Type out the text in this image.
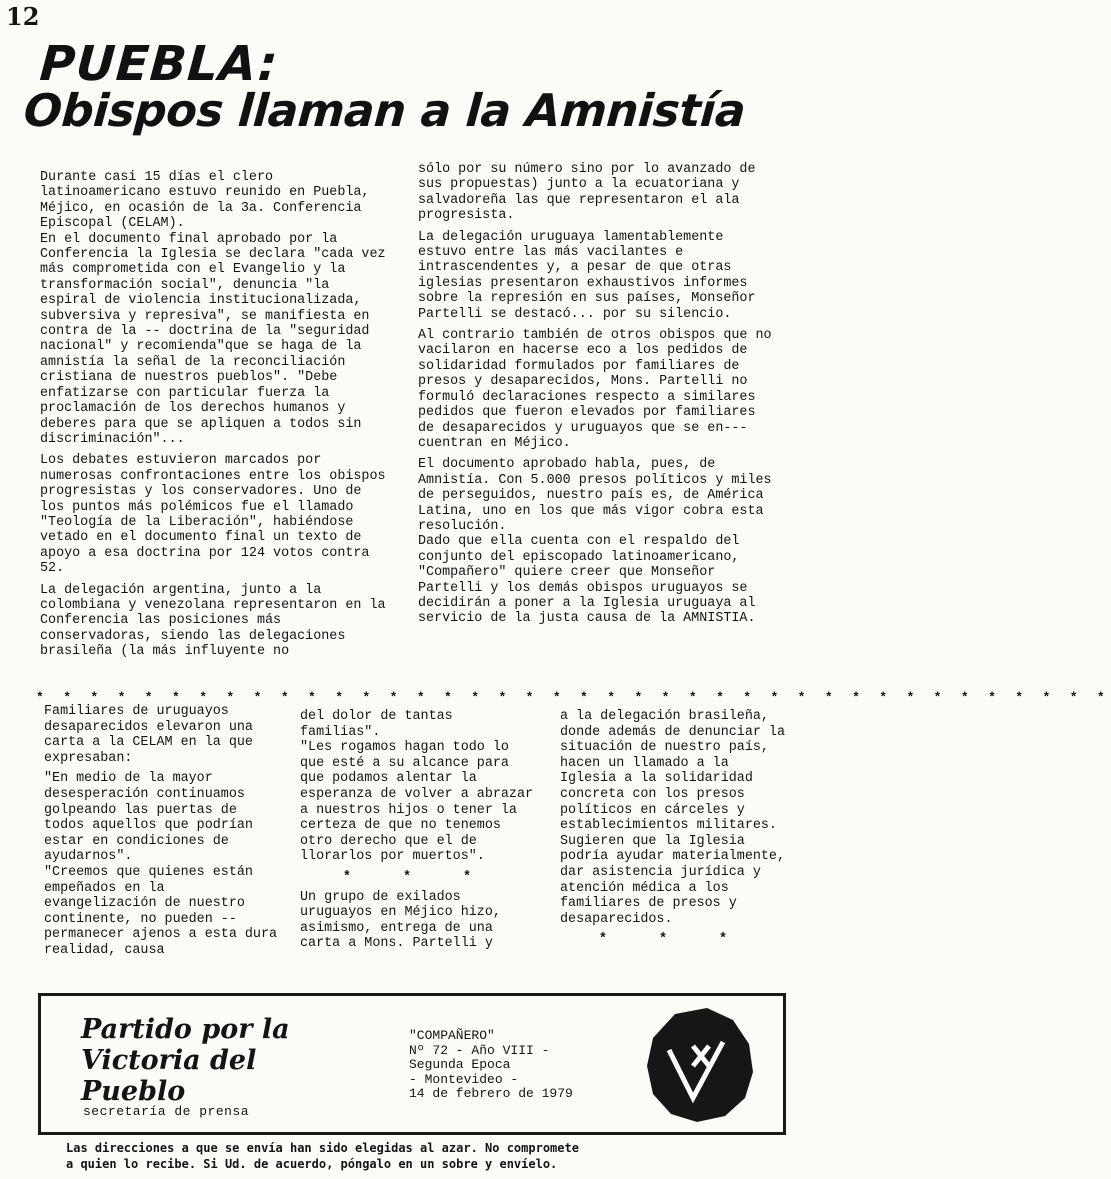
12
PUEBLA:
Obispos llaman a la Amnistía

Durante casi 15 días el clero latinoamericano estuvo reunido en Puebla, Méjico, en ocasión de la 3a. Conferencia Episcopal (CELAM).
En el documento final aprobado por la Conferencia la Iglesia se declara "cada vez más comprometida con el Evangelio y la transformación social", denuncia "la espiral de violencia institucionalizada, subversiva y represiva", se manifiesta en contra de la -- doctrina de la "seguridad nacional" y recomienda"que se haga de la amnistía la señal de la reconciliación cristiana de nuestros pueblos". "Debe enfatizarse con particular fuerza la proclamación de los derechos humanos y deberes para que se apliquen a todos sin discriminación"...

Los debates estuvieron marcados por numerosas confrontaciones entre los obispos progresistas y los conservadores. Uno de los puntos más polémicos fue el llamado "Teología de la Liberación", habiéndose vetado en el documento final un texto de apoyo a esa doctrina por 124 votos contra 52.

La delegación argentina, junto a la colombiana y venezolana representaron en la Conferencia las posiciones más conservadoras, siendo las delegaciones brasileña (la más influyente no

sólo por su número sino por lo avanzado de sus propuestas) junto a la ecuatoriana y salvadoreña las que representaron el ala progresista.

La delegación uruguaya lamentablemente estuvo entre las más vacilantes e intrascendentes y, a pesar de que otras iglesias presentaron exhaustivos informes sobre la represión en sus países, Monseñor Partelli se destacó... por su silencio.

Al contrario también de otros obispos que no vacilaron en hacerse eco a los pedidos de solidaridad formulados por familiares de presos y desaparecidos, Mons. Partelli no formuló declaraciones respecto a similares pedidos que fueron elevados por familiares de desaparecidos y uruguayos que se en--- cuentran en Méjico.

El documento aprobado habla, pues, de Amnistía. Con 5.000 presos políticos y miles de perseguidos, nuestro país es, de América Latina, uno en los que más vigor cobra esta resolución.
Dado que ella cuenta con el respaldo del conjunto del episcopado latinoamericano, "Compañero" quiere creer que Monseñor Partelli y los demás obispos uruguayos se decidirán a poner a la Iglesia uruguaya al servicio de la justa causa de la AMNISTIA.

* * * * * * * * * * * * * * * * * * * * * * * * * * * * * * * * * * * * * * * *

Familiares de uruguayos desaparecidos elevaron una carta a la CELAM en la que expresaban:

"En medio de la mayor desesperación continuamos golpeando las puertas de todos aquellos que podrían estar en condiciones de ayudarnos".
"Creemos que quienes están empeñados en la evangelización de nuestro continente, no pueden -- permanecer ajenos a esta dura realidad, causa

del dolor de tantas familias".
"Les rogamos hagan todo lo que esté a su alcance para que podamos alentar la esperanza de volver a abrazar a nuestros hijos o tener la certeza de que no tenemos otro derecho que el de llorarlos por muertos".

* * *

Un grupo de exilados uruguayos en Méjico hizo, asimismo, entrega de una carta a Mons. Partelli y

a la delegación brasileña, donde además de denunciar la situación de nuestro país, hacen un llamado a la Iglesia a la solidaridad concreta con los presos políticos en cárceles y establecimientos militares. Sugieren que la Iglesia podría ayudar materialmente, dar asistencia jurídica y atención médica a los familiares de presos y desaparecidos.

* * *

Partido por la
Victoria del
Pueblo
secretaría de prensa
"COMPAÑERO"
Nº 72 - Año VIII -
Segunda Epoca
- Montevideo -
14 de febrero de 1979
Las direcciones a que se envía han sido elegidas al azar. No compromete
a quien lo recibe. Si Ud. de acuerdo, póngalo en un sobre y envíelo.
